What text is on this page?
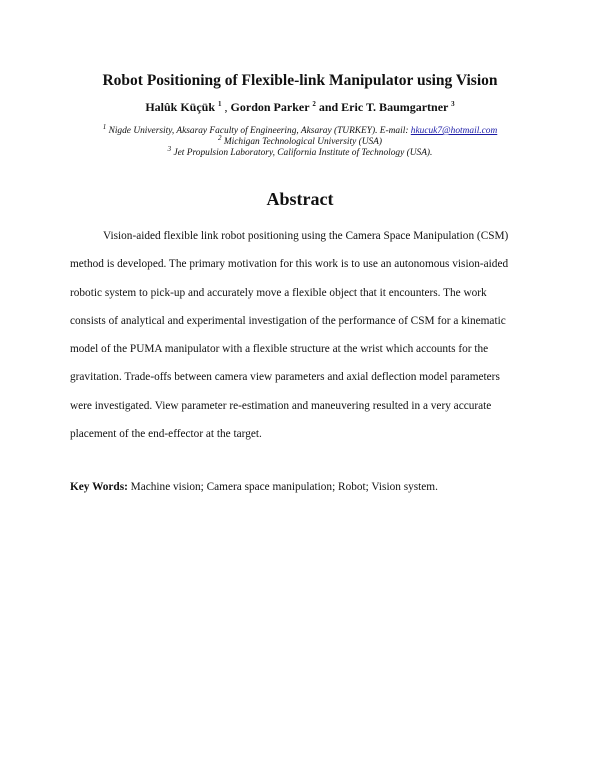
Robot Positioning of Flexible-link Manipulator using Vision
Halûk Küçük $^1$ , Gordon Parker $^2$ and Eric T. Baumgartner $^3$
$^1$ Nigde University, Aksaray Faculty of Engineering, Aksaray (TURKEY). E-mail: hkucuk7@hotmail.com
$^2$ Michigan Technological University (USA)
$^3$ Jet Propulsion Laboratory, California Institute of Technology (USA).
Abstract
Vision-aided flexible link robot positioning using the Camera Space Manipulation (CSM)
method is developed. The primary motivation for this work is to use an autonomous vision-aided
robotic system to pick-up and accurately move a flexible object that it encounters. The work
consists of analytical and experimental investigation of the performance of CSM for a kinematic
model of the PUMA manipulator with a flexible structure at the wrist which accounts for the
gravitation. Trade-offs between camera view parameters and axial deflection model parameters
were investigated. View parameter re-estimation and maneuvering resulted in a very accurate
placement of the end-effector at the target.
Key Words: Machine vision; Camera space manipulation; Robot; Vision system.
